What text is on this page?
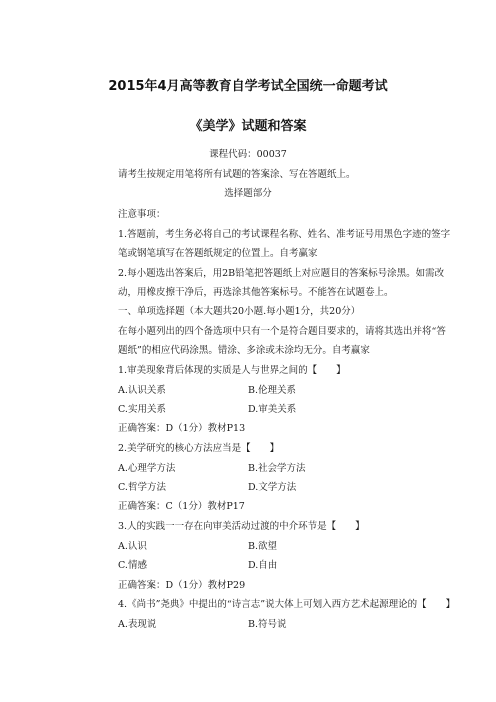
2015年4月高等教育自学考试全国统一命题考试
《美学》试题和答案
课程代码：00037
请考生按规定用笔将所有试题的答案涂、写在答题纸上。
选择题部分
注意事项：
1.答题前，考生务必将自己的考试课程名称、姓名、准考证号用黑色字迹的签字
笔或钢笔填写在答题纸规定的位置上。自考赢家
2.每小题选出答案后，用2B铅笔把答题纸上对应题目的答案标号涂黑。如需改
动，用橡皮擦干净后，再选涂其他答案标号。不能答在试题卷上。
一、单项选择题（本大题共20小题.每小题1分，共20分）
在每小题列出的四个备选项中只有一个是符合题目要求的，请将其选出并将“答
题纸”的相应代码涂黑。错涂、多涂或未涂均无分。自考赢家
1.审美现象背后体现的实质是人与世界之间的【　　】
A.认识关系	B.伦理关系
C.实用关系	D.审美关系
正确答案：D（1分）教材P13
2.美学研究的核心方法应当是【　　】
A.心理学方法	B.社会学方法
C.哲学方法	D.文学方法
正确答案：C（1分）教材P17
3.人的实践一一存在向审美活动过渡的中介环节是【　　】
A.认识	B.欲望
C.情感	D.自由
正确答案：D（1分）教材P29
4.《尚书”尧典》中提出的“诗言志”说大体上可划入西方艺术起源理论的【　　】
A.表现说	B.符号说
